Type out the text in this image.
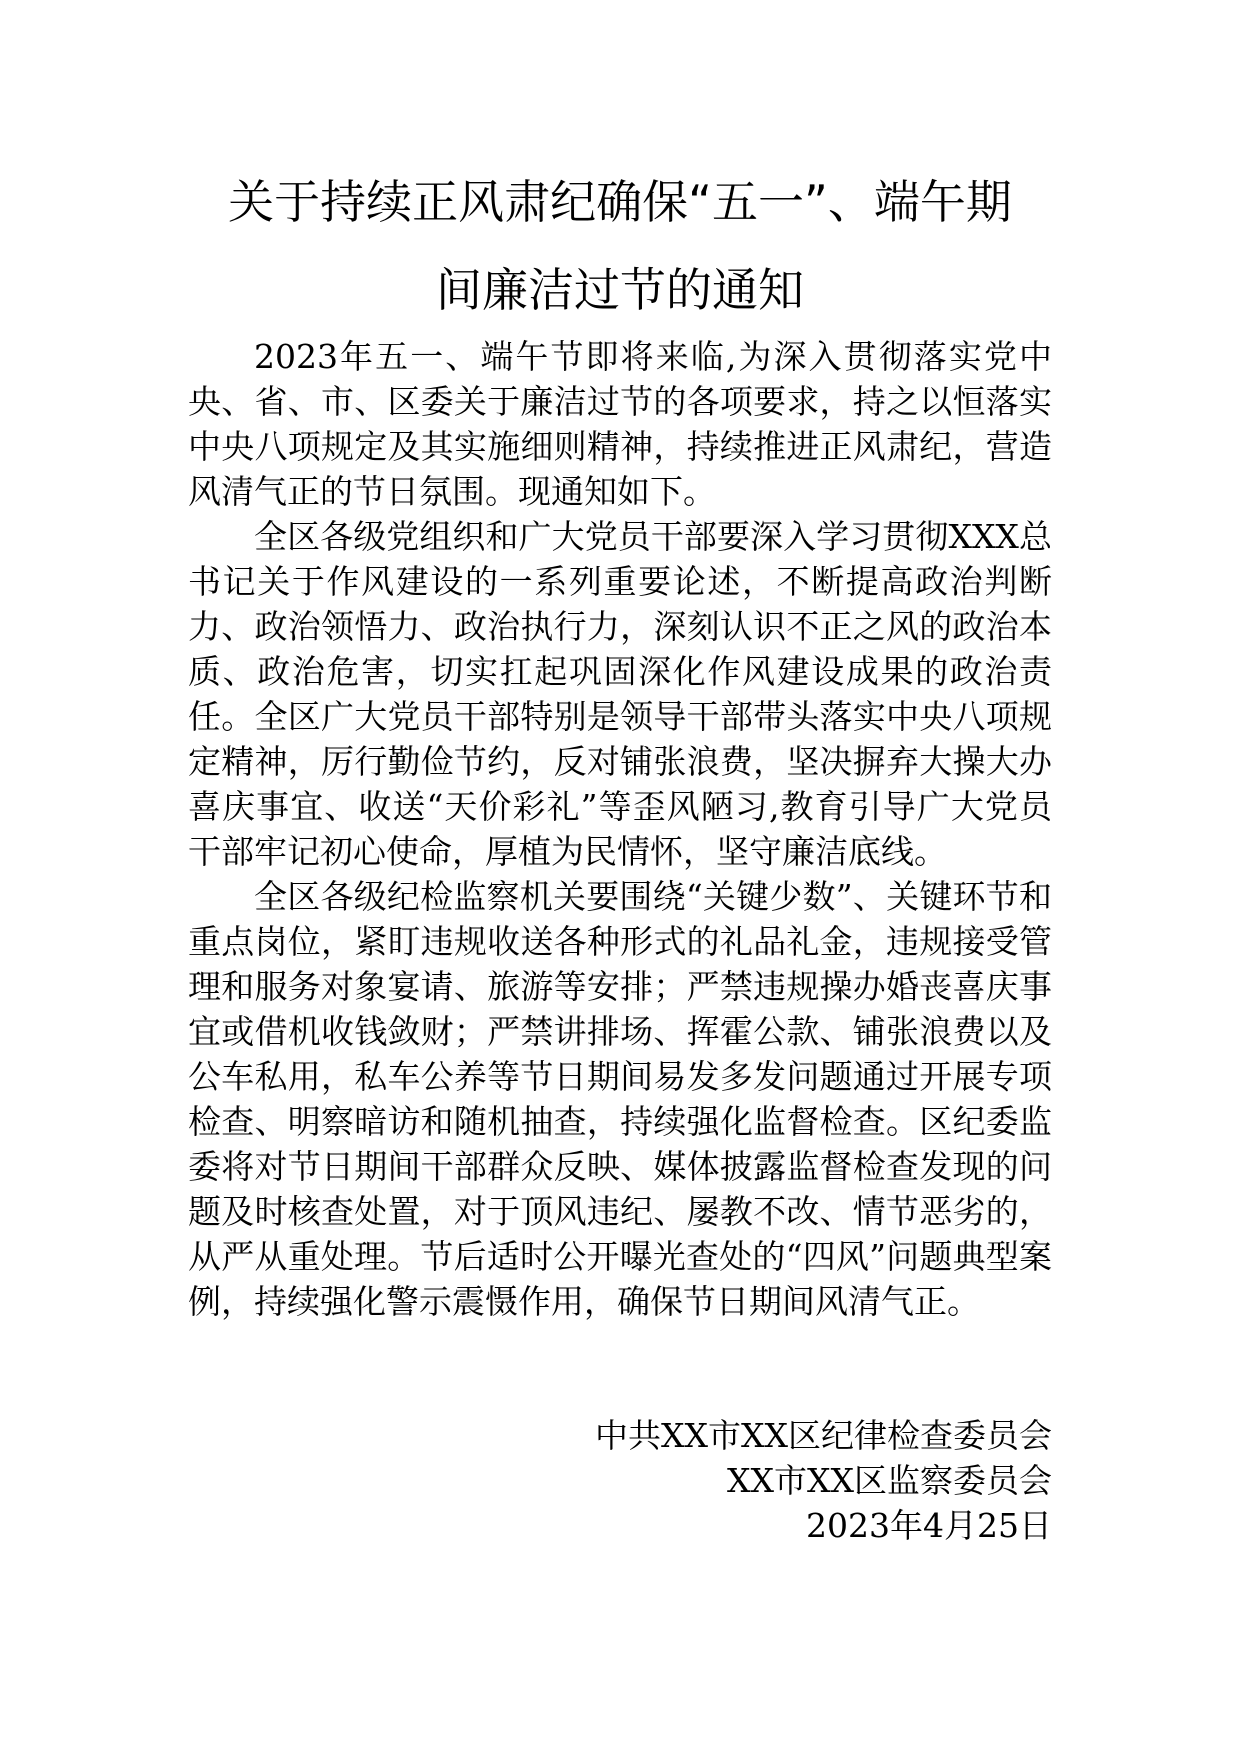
关于持续正风肃纪确保“五一”、端午期
间廉洁过节的通知

2023年五一、端午节即将来临,为深入贯彻落实党中央、省、市、区委关于廉洁过节的各项要求，持之以恒落实中央八项规定及其实施细则精神，持续推进正风肃纪，营造风清气正的节日氛围。现通知如下。

全区各级党组织和广大党员干部要深入学习贯彻XXX总书记关于作风建设的一系列重要论述，不断提高政治判断力、政治领悟力、政治执行力，深刻认识不正之风的政治本质、政治危害，切实扛起巩固深化作风建设成果的政治责任。全区广大党员干部特别是领导干部带头落实中央八项规定精神，厉行勤俭节约，反对铺张浪费，坚决摒弃大操大办喜庆事宜、收送“天价彩礼”等歪风陋习,教育引导广大党员干部牢记初心使命，厚植为民情怀，坚守廉洁底线。

全区各级纪检监察机关要围绕“关键少数”、关键环节和重点岗位，紧盯违规收送各种形式的礼品礼金，违规接受管理和服务对象宴请、旅游等安排；严禁违规操办婚丧喜庆事宜或借机收钱敛财；严禁讲排场、挥霍公款、铺张浪费以及公车私用，私车公养等节日期间易发多发问题通过开展专项检查、明察暗访和随机抽查，持续强化监督检查。区纪委监委将对节日期间干部群众反映、媒体披露监督检查发现的问题及时核查处置，对于顶风违纪、屡教不改、情节恶劣的，从严从重处理。节后适时公开曝光查处的“四风”问题典型案例，持续强化警示震慑作用，确保节日期间风清气正。

中共XX市XX区纪律检查委员会

XX市XX区监察委员会

2023年4月25日
